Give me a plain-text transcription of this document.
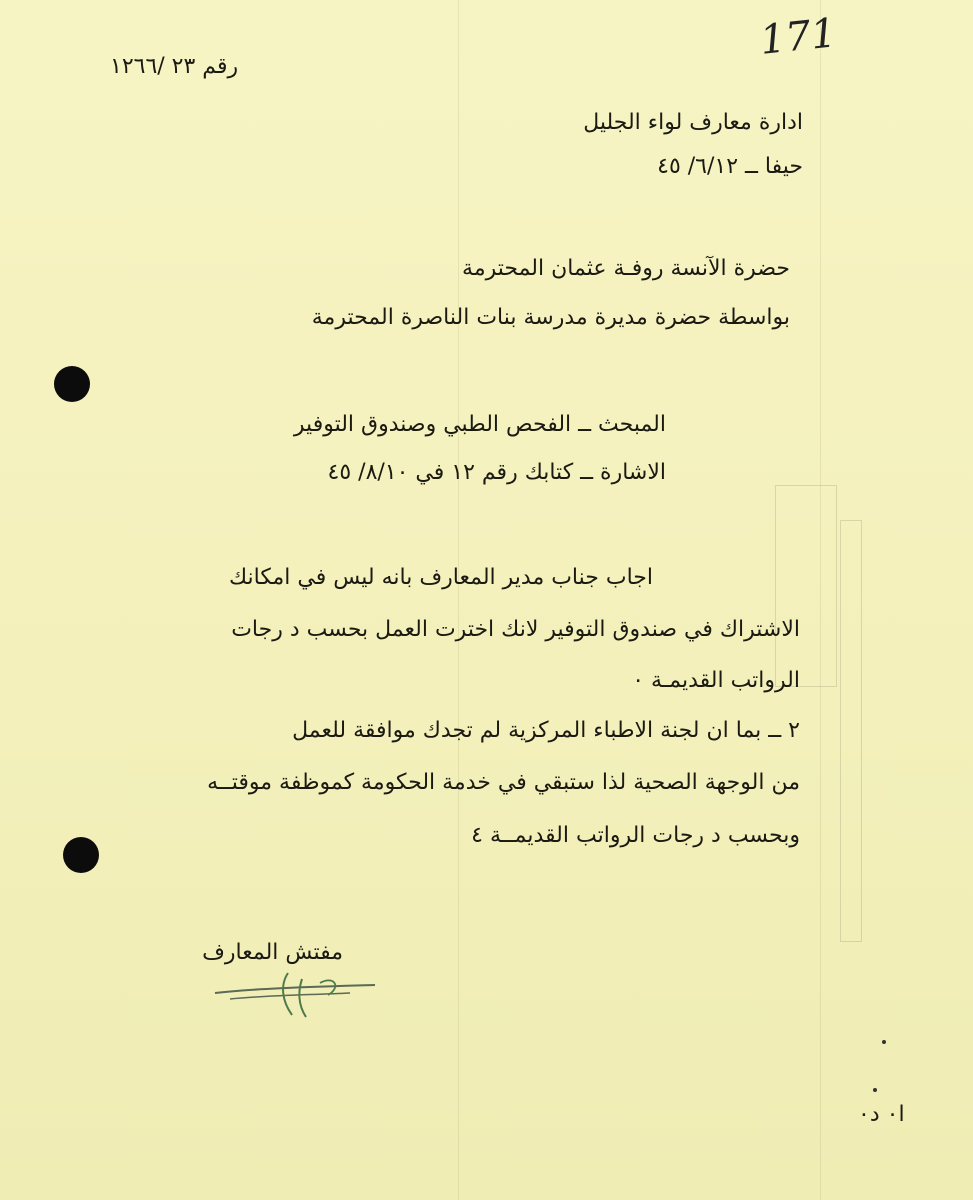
171
رقم ٢٣ /١٢٦٦
ادارة معارف لواء الجليل
حيفا ــ ٦/١٢/ ٤٥
حضرة الآنسة روفـة عثمان المحترمة
بواسطة حضرة مديرة مدرسة بنات الناصرة المحترمة
المبحث ــ الفحص الطبي وصندوق التوفير
الاشارة ــ كتابك رقم ١٢ في ٨/١٠/ ٤٥
اجاب جناب مدير المعارف بانه ليس في امكانك
الاشتراك في صندوق التوفير لانك اخترت العمل بحسب د رجات
الرواتب القديمـة ٠
٢ ــ بما ان لجنة الاطباء المركزية لم تجدك موافقة للعمل
من الوجهة الصحية لذا ستبقي في خدمة الحكومة كموظفة موقتــه
وبحسب د رجات الرواتب القديمــة ٤
مفتش المعارف
ا٠ د٠
